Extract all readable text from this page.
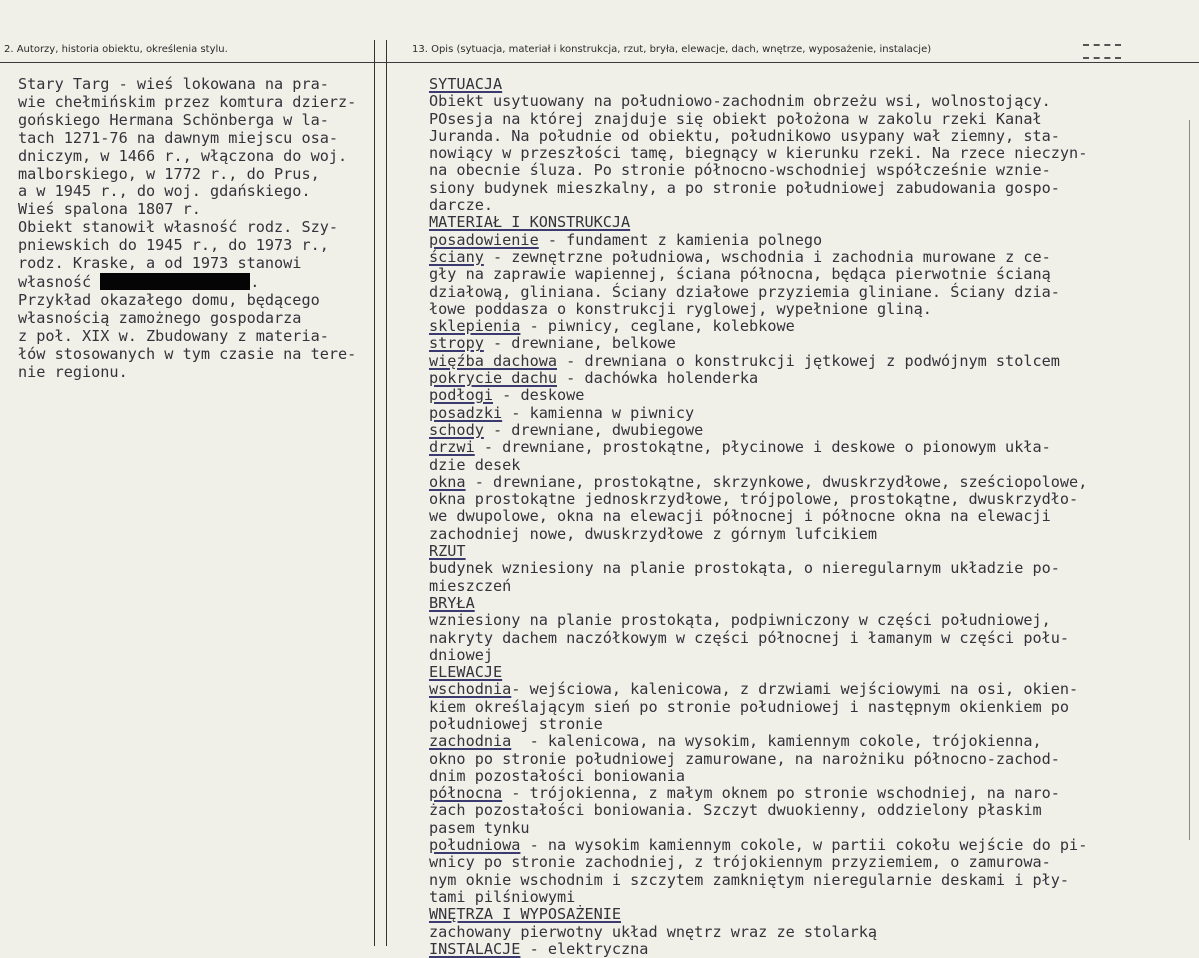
2. Autorzy, historia obiektu, określenia stylu.	13. Opis (sytuacja, materiał i konstrukcja, rzut, bryła, elewacje, dach, wnętrze, wyposażenie, instalacje)
Stary Targ - wieś lokowana na pra-
wie chełmińskim przez komtura dzierz-
gońskiego Hermana Schönberga w la-
tach 1271-76 na dawnym miejscu osa-
dniczym, w 1466 r., włączona do woj.
malborskiego, w 1772 r., do Prus,
a w 1945 r., do woj. gdańskiego.
Wieś spalona 1807 r.
Obiekt stanowił własność rodz. Szy-
pniewskich do 1945 r., do 1973 r.,
rodz. Kraske, a od 1973 stanowi
własność	.
Przykład okazałego domu, będącego
własnością zamożnego gospodarza
z poł. XIX w. Zbudowany z materia-
łów stosowanych w tym czasie na tere-
nie regionu.
SYTUACJA
Obiekt usytuowany na południowo-zachodnim obrzeżu wsi, wolnostojący.
POsesja na której znajduje się obiekt położona w zakolu rzeki Kanał
Juranda. Na południe od obiektu, południkowo usypany wał ziemny, sta-
nowiący w przeszłości tamę, biegnący w kierunku rzeki. Na rzece nieczyn-
na obecnie śluza. Po stronie północno-wschodniej współcześnie wznie-
siony budynek mieszkalny, a po stronie południowej zabudowania gospo-
darcze.
MATERIAŁ I KONSTRUKCJA
posadowienie - fundament z kamienia polnego
ściany - zewnętrzne południowa, wschodnia i zachodnia murowane z ce-
gły na zaprawie wapiennej, ściana północna, będąca pierwotnie ścianą
działową, gliniana. Ściany działowe przyziemia gliniane. Ściany dzia-
łowe poddasza o konstrukcji ryglowej, wypełnione gliną.
sklepienia - piwnicy, ceglane, kolebkowe
stropy - drewniane, belkowe
więźba dachowa - drewniana o konstrukcji jętkowej z podwójnym stolcem
pokrycie dachu - dachówka holenderka
podłogi - deskowe
posadzki - kamienna w piwnicy
schody - drewniane, dwubiegowe
drzwi - drewniane, prostokątne, płycinowe i deskowe o pionowym ukła-
dzie desek
okna - drewniane, prostokątne, skrzynkowe, dwuskrzydłowe, sześciopolowe,
okna prostokątne jednoskrzydłowe, trójpolowe, prostokątne, dwuskrzydło-
we dwupolowe, okna na elewacji północnej i północne okna na elewacji
zachodniej nowe, dwuskrzydłowe z górnym lufcikiem
RZUT
budynek wzniesiony na planie prostokąta, o nieregularnym układzie po-
mieszczeń
BRYŁA
wzniesiony na planie prostokąta, podpiwniczony w części południowej,
nakryty dachem naczółkowym w części północnej i łamanym w części połu-
dniowej
ELEWACJE
wschodnia- wejściowa, kalenicowa, z drzwiami wejściowymi na osi, okien-
kiem określającym sień po stronie południowej i następnym okienkiem po
południowej stronie
zachodnia  - kalenicowa, na wysokim, kamiennym cokole, trójokienna,
okno po stronie południowej zamurowane, na narożniku północno-zachod-
dnim pozostałości boniowania
północna - trójokienna, z małym oknem po stronie wschodniej, na naro-
żach pozostałości boniowania. Szczyt dwuokienny, oddzielony płaskim
pasem tynku
południowa - na wysokim kamiennym cokole, w partii cokołu wejście do pi-
wnicy po stronie zachodniej, z trójokiennym przyziemiem, o zamurowa-
nym oknie wschodnim i szczytem zamkniętym nieregularnie deskami i pły-
tami pilśniowymi
WNĘTRZA I WYPOSAŻENIE
zachowany pierwotny układ wnętrz wraz ze stolarką
INSTALACJE - elektryczna
